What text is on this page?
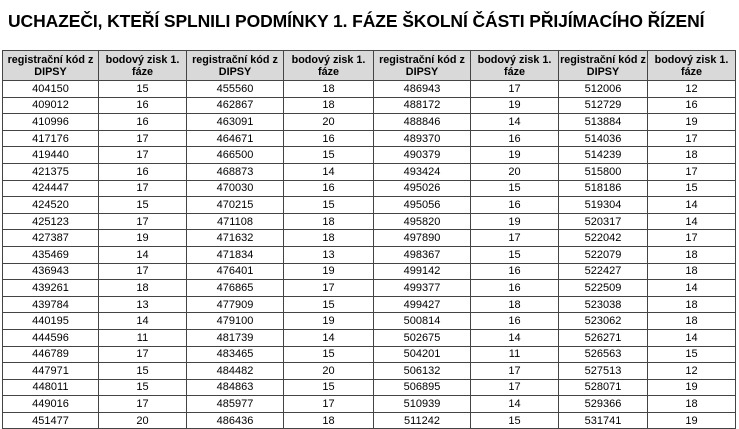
UCHAZEČI, KTEŘÍ SPLNILI PODMÍNKY 1. FÁZE ŠKOLNÍ ČÁSTI PŘIJÍMACÍHO ŘÍZENÍ
registrační kód z DIPSY	bodový zisk 1. fáze	registrační kód z DIPSY	bodový zisk 1. fáze	registrační kód z DIPSY	bodový zisk 1. fáze	registrační kód z DIPSY	bodový zisk 1. fáze
404150	15	455560	18	486943	17	512006	12
409012	16	462867	18	488172	19	512729	16
410996	16	463091	20	488846	14	513884	19
417176	17	464671	16	489370	16	514036	17
419440	17	466500	15	490379	19	514239	18
421375	16	468873	14	493424	20	515800	17
424447	17	470030	16	495026	15	518186	15
424520	15	470215	15	495056	16	519304	14
425123	17	471108	18	495820	19	520317	14
427387	19	471632	18	497890	17	522042	17
435469	14	471834	13	498367	15	522079	18
436943	17	476401	19	499142	16	522427	18
439261	18	476865	17	499377	16	522509	14
439784	13	477909	15	499427	18	523038	18
440195	14	479100	19	500814	16	523062	18
444596	11	481739	14	502675	14	526271	14
446789	17	483465	15	504201	11	526563	15
447971	15	484482	20	506132	17	527513	12
448011	15	484863	15	506895	17	528071	19
449016	17	485977	17	510939	14	529366	18
451477	20	486436	18	511242	15	531741	19
